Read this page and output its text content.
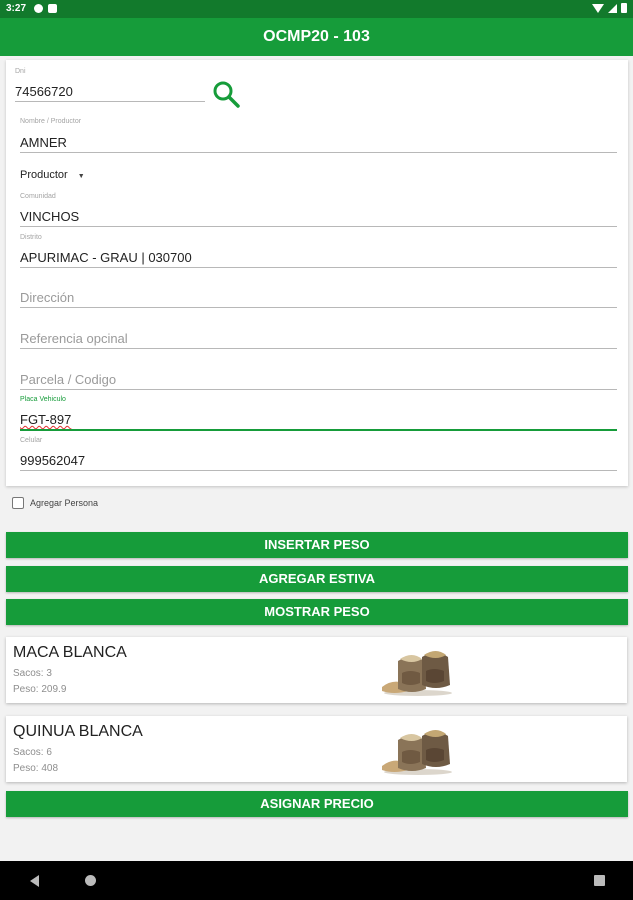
3:27
OCMP20 - 103
Dni
74566720
Nombre / Productor
AMNER
Productor ▼
Comunidad
VINCHOS
Distrito
APURIMAC - GRAU | 030700
Dirección
Referencia opcinal
Parcela / Codigo
Placa Vehiculo
FGT-897
Celular
999562047
Agregar Persona
INSERTAR PESO
AGREGAR ESTIVA
MOSTRAR PESO
MACA BLANCA
Sacos: 3
Peso: 209.9
QUINUA BLANCA
Sacos: 6
Peso: 408
ASIGNAR PRECIO
